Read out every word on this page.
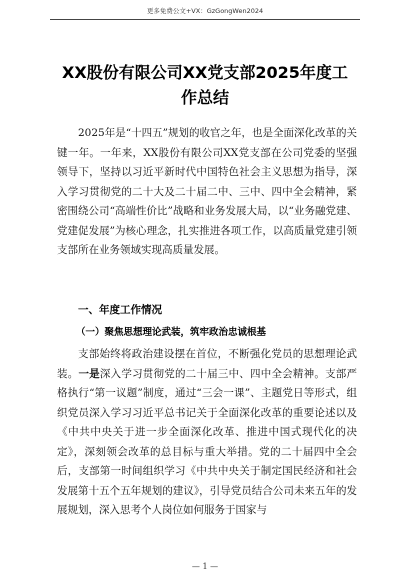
更多免费公文+VX：GzGongWen2024
XX股份有限公司XX党支部2025年度工作总结

2025年是“十四五”规划的收官之年，也是全面深化改革的关键一年。一年来，XX股份有限公司XX党支部在公司党委的坚强领导下，坚持以习近平新时代中国特色社会主义思想为指导，深入学习贯彻党的二十大及二十届二中、三中、四中全会精神，紧密围绕公司“高端性价比”战略和业务发展大局，以“业务融党建、党建促发展”为核心理念，扎实推进各项工作，以高质量党建引领支部所在业务领域实现高质量发展。

一、年度工作情况

（一）聚焦思想理论武装，筑牢政治忠诚根基

支部始终将政治建设摆在首位，不断强化党员的思想理论武装。一是深入学习贯彻党的二十届三中、四中全会精神。支部严格执行“第一议题”制度，通过“三会一课”、主题党日等形式，组织党员深入学习习近平总书记关于全面深化改革的重要论述以及《中共中央关于进一步全面深化改革、推进中国式现代化的决定》，深刻领会改革的总目标与重大举措。党的二十届四中全会后，支部第一时间组织学习《中共中央关于制定国民经济和社会发展第十五个五年规划的建议》，引导党员结合公司未来五年的发展规划，深入思考个人岗位如何服务于国家与

— 1 —
